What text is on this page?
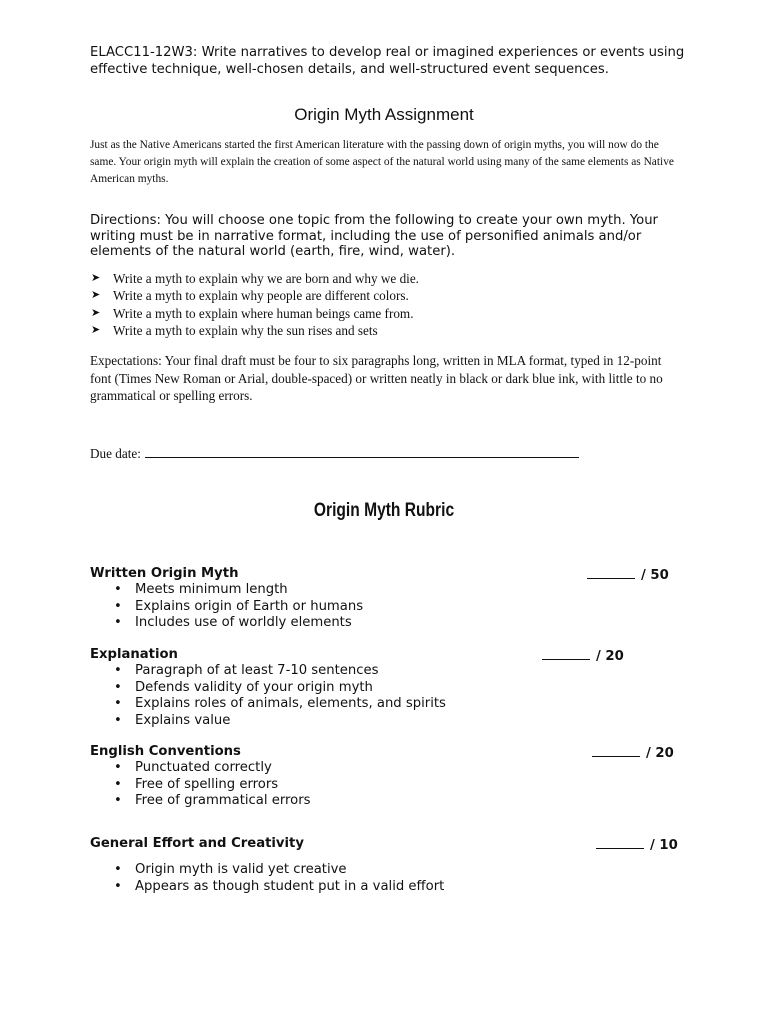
ELACC11-12W3: Write narratives to develop real or imagined experiences or events using effective technique, well-chosen details, and well-structured event sequences.
Origin Myth Assignment
Just as the Native Americans started the first American literature with the passing down of origin myths, you will now do the same. Your origin myth will explain the creation of some aspect of the natural world using many of the same elements as Native American myths.
Directions: You will choose one topic from the following to create your own myth. Your writing must be in narrative format, including the use of personified animals and/or elements of the natural world (earth, fire, wind, water).
➤ Write a myth to explain why we are born and why we die.
➤ Write a myth to explain why people are different colors.
➤ Write a myth to explain where human beings came from.
➤ Write a myth to explain why the sun rises and sets
Expectations: Your final draft must be four to six paragraphs long, written in MLA format, typed in 12-point font (Times New Roman or Arial, double-spaced) or written neatly in black or dark blue ink, with little to no grammatical or spelling errors.
Due date:
Origin Myth Rubric
Written Origin Myth	/ 50
• Meets minimum length
• Explains origin of Earth or humans
• Includes use of worldly elements
Explanation	/ 20
• Paragraph of at least 7-10 sentences
• Defends validity of your origin myth
• Explains roles of animals, elements, and spirits
• Explains value
English Conventions	/ 20
• Punctuated correctly
• Free of spelling errors
• Free of grammatical errors
General Effort and Creativity	/ 10
• Origin myth is valid yet creative
• Appears as though student put in a valid effort
